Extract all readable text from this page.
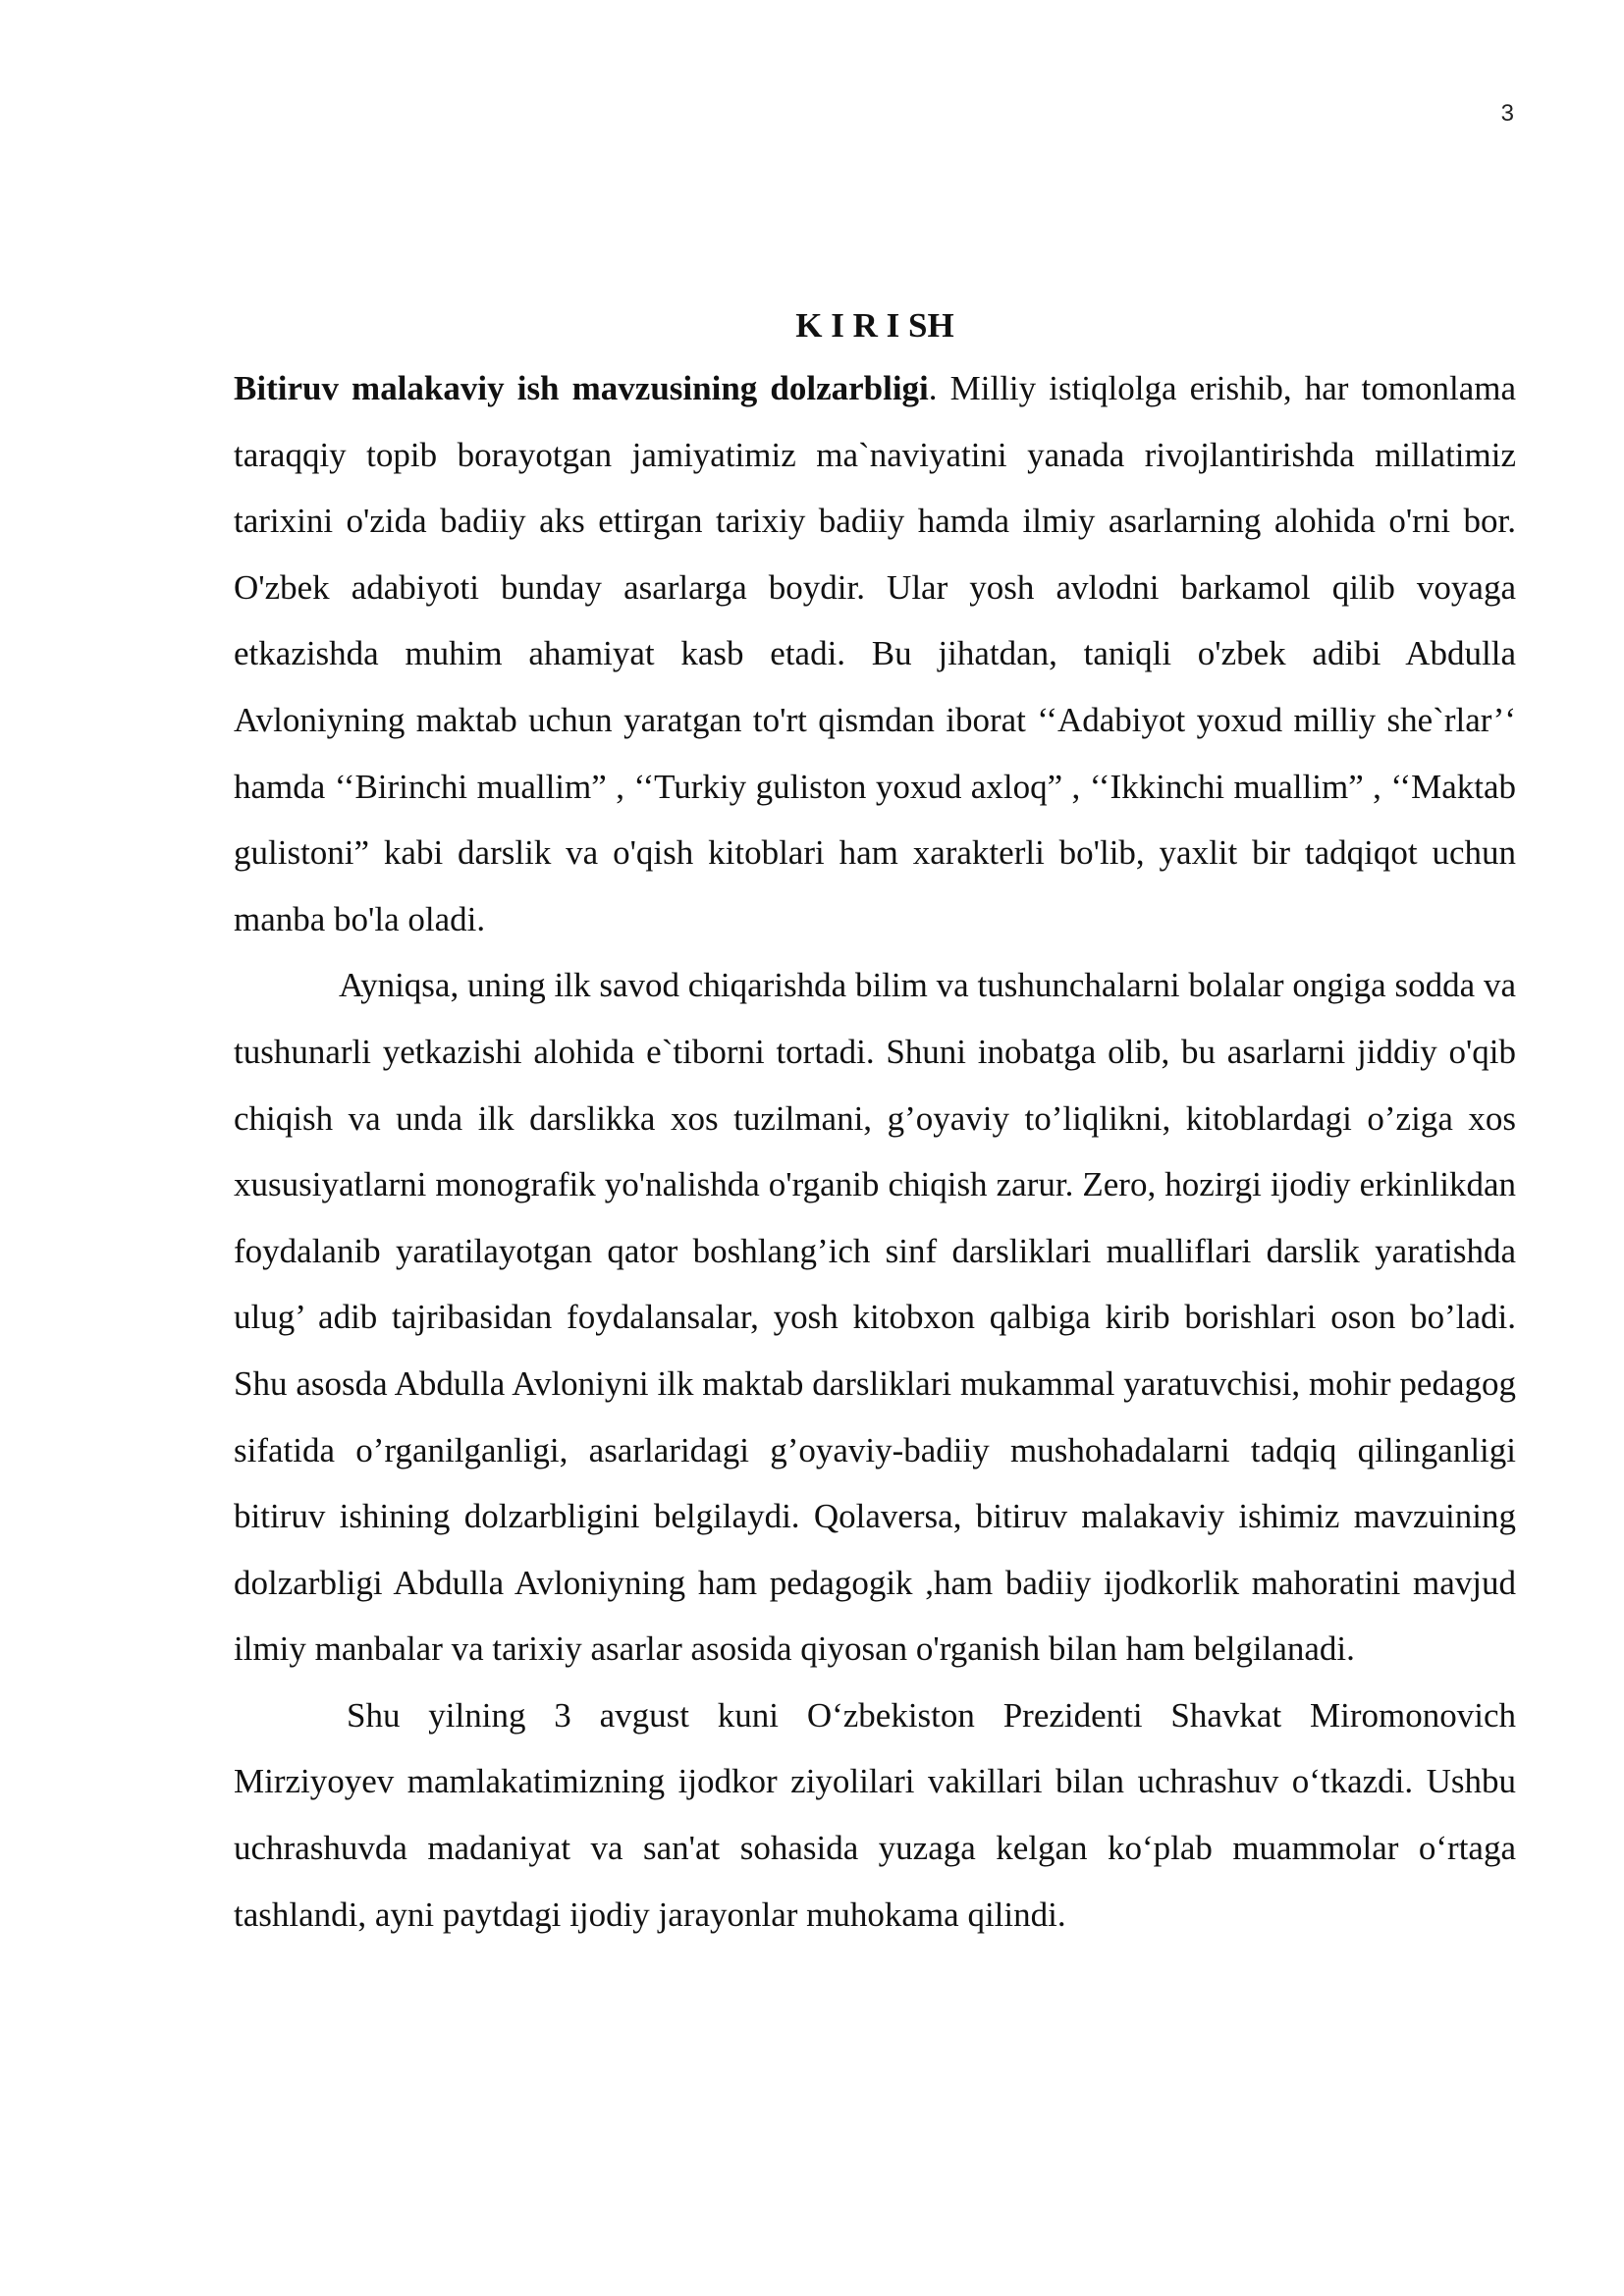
3
K I R I SH

Bitiruv malakaviy ish mavzusining dolzarbligi. Milliy istiqlolga erishib, har tomonlama taraqqiy topib borayotgan jamiyatimiz ma`naviyatini yanada rivojlantirishda millatimiz tarixini o'zida badiiy aks ettirgan tarixiy badiiy hamda ilmiy asarlarning alohida o'rni bor. O'zbek adabiyoti bunday asarlarga boydir. Ular yosh avlodni barkamol qilib voyaga etkazishda muhim ahamiyat kasb etadi. Bu jihatdan, taniqli o'zbek adibi Abdulla Avloniyning maktab uchun yaratgan to'rt qismdan iborat ‘‘Adabiyot yoxud milliy she`rlar’‘ hamda ‘‘Birinchi muallim” , ‘‘Turkiy guliston yoxud axloq” , ‘‘Ikkinchi muallim” , ‘‘Maktab gulistoni” kabi darslik va o'qish kitoblari ham xarakterli bo'lib, yaxlit bir tadqiqot uchun manba bo'la oladi.

Ayniqsa, uning ilk savod chiqarishda bilim va tushunchalarni bolalar ongiga sodda va tushunarli yetkazishi alohida e`tiborni tortadi. Shuni inobatga olib, bu asarlarni jiddiy o'qib chiqish va unda ilk darslikka xos tuzilmani, g’oyaviy to’liqlikni, kitoblardagi o’ziga xos xususiyatlarni monografik yo'nalishda o'rganib chiqish zarur. Zero, hozirgi ijodiy erkinlikdan foydalanib yaratilayotgan qator boshlang’ich sinf darsliklari mualliflari darslik yaratishda ulug’ adib tajribasidan foydalansalar, yosh kitobxon qalbiga kirib borishlari oson bo’ladi. Shu asosda Abdulla Avloniyni ilk maktab darsliklari mukammal yaratuvchisi, mohir pedagog sifatida o’rganilganligi, asarlaridagi g’oyaviy-badiiy mushohadalarni tadqiq qilinganligi bitiruv ishining dolzarbligini belgilaydi. Qolaversa, bitiruv malakaviy ishimiz mavzuining dolzarbligi Abdulla Avloniyning ham pedagogik ,ham badiiy ijodkorlik mahoratini mavjud ilmiy manbalar va tarixiy asarlar asosida qiyosan o'rganish bilan ham belgilanadi.

Shu yilning 3 avgust kuni O‘zbekiston Prezidenti Shavkat Miromonovich Mirziyoyev mamlakatimizning ijodkor ziyolilari vakillari bilan uchrashuv o‘tkazdi. Ushbu uchrashuvda madaniyat va san'at sohasida yuzaga kelgan ko‘plab muammolar o‘rtaga tashlandi, ayni paytdagi ijodiy jarayonlar muhokama qilindi.
